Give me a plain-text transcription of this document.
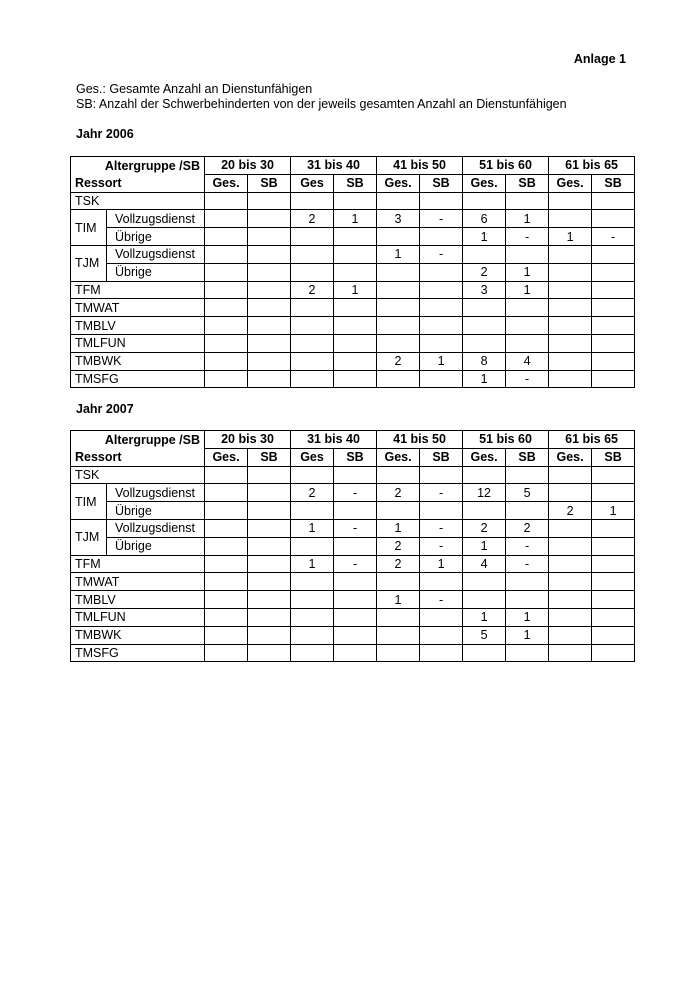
Anlage 1
Ges.: Gesamte Anzahl an Dienstunfähigen
SB: Anzahl der Schwerbehinderten von der jeweils gesamten Anzahl an Dienstunfähigen
Jahr 2006
Altergruppe /SB		20 bis 30		31 bis 40		41 bis 50		51 bis 60		61 bis 65	
Ressort		Ges.	SB	Ges	SB	Ges.	SB	Ges.	SB	Ges.	SB
TSK											
TIM	Vollzugsdienst			2	1	3	-	6	1		
	Übrige							1	-	1	-
TJM	Vollzugsdienst					1	-				
	Übrige							2	1		
TFM				2	1			3	1		
TMWAT											
TMBLV											
TMLFUN											
TMBWK						2	1	8	4		
TMSFG								1	-		
Jahr 2007
Altergruppe /SB		20 bis 30		31 bis 40		41 bis 50		51 bis 60		61 bis 65	
Ressort		Ges.	SB	Ges	SB	Ges.	SB	Ges.	SB	Ges.	SB
TSK											
TIM	Vollzugsdienst			2	-	2	-	12	5		
	Übrige									2	1
TJM	Vollzugsdienst			1	-	1	-	2	2		
	Übrige					2	-	1	-		
TFM				1	-	2	1	4	-		
TMWAT											
TMBLV						1	-				
TMLFUN								1	1		
TMBWK								5	1		
TMSFG											
